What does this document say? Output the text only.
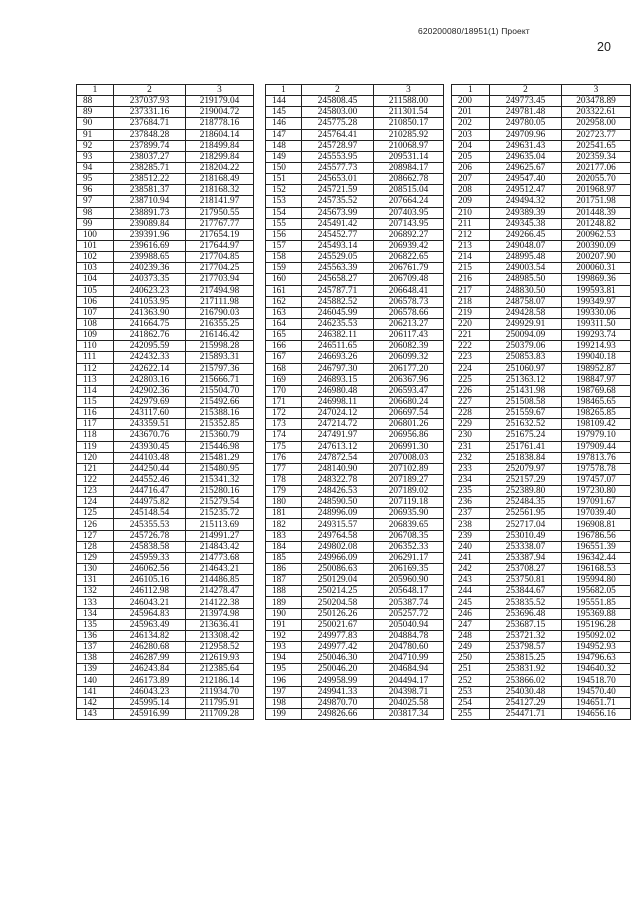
620200080/18951(1) Проект
20
1	2	3
88	237037.93	219179.04
89	237331.16	219004.72
90	237684.71	218778.16
91	237848.28	218604.14
92	237899.74	218499.84
93	238037.27	218299.84
94	238285.71	218204.22
95	238512.22	218168.49
96	238581.37	218168.32
97	238710.94	218141.97
98	238891.73	217950.55
99	239089.84	217767.77
100	239391.96	217654.19
101	239616.69	217644.97
102	239988.65	217704.85
103	240239.36	217704.25
104	240373.35	217703.94
105	240623.23	217494.98
106	241053.95	217111.98
107	241363.90	216790.03
108	241664.75	216355.25
109	241862.76	216146.42
110	242095.59	215998.28
111	242432.33	215893.31
112	242622.14	215797.36
113	242803.16	215666.71
114	242902.36	215504.70
115	242979.69	215492.66
116	243117.60	215388.16
117	243359.51	215352.85
118	243670.76	215360.79
119	243930.45	215446.98
120	244103.48	215481.29
121	244250.44	215480.95
122	244552.46	215341.32
123	244716.47	215280.16
124	244975.82	215279.54
125	245148.54	215235.72
126	245355.53	215113.69
127	245726.78	214991.27
128	245838.58	214843.42
129	245959.33	214773.68
130	246062.56	214643.21
131	246105.16	214486.85
132	246112.98	214278.47
133	246043.21	214122.38
134	245964.83	213974.98
135	245963.49	213636.41
136	246134.82	213308.42
137	246280.68	212958.52
138	246287.99	212619.93
139	246243.84	212385.64
140	246173.89	212186.14
141	246043.23	211934.70
142	245995.14	211795.91
143	245916.99	211709.28
1	2	3
144	245808.45	211588.00
145	245803.00	211301.54
146	245775.28	210850.17
147	245764.41	210285.92
148	245728.97	210068.97
149	245553.95	209531.14
150	245577.73	208984.17
151	245653.01	208662.78
152	245721.59	208515.04
153	245735.52	207664.24
154	245673.99	207403.95
155	245491.42	207143.95
156	245452.77	206892.27
157	245493.14	206939.42
158	245529.05	206822.65
159	245563.39	206761.79
160	245658.27	206709.48
161	245787.71	206648.41
162	245882.52	206578.73
163	246045.99	206578.66
164	246235.53	206213.27
165	246382.11	206117.43
166	246511.65	206082.39
167	246693.26	206099.32
168	246797.30	206177.20
169	246893.15	206367.96
170	246980.48	206593.47
171	246998.11	206680.24
172	247024.12	206697.54
173	247214.72	206801.26
174	247491.97	206956.86
175	247613.12	206991.30
176	247872.54	207008.03
177	248140.90	207102.89
178	248322.78	207189.27
179	248426.53	207189.02
180	248590.50	207119.18
181	248996.09	206935.90
182	249315.57	206839.65
183	249764.58	206708.35
184	249802.08	206352.33
185	249966.09	206291.17
186	250086.63	206169.35
187	250129.04	205960.90
188	250214.25	205648.17
189	250204.58	205387.74
190	250126.26	205257.72
191	250021.67	205040.94
192	249977.83	204884.78
193	249977.42	204780.60
194	250046.30	204710.99
195	250046.20	204684.94
196	249958.99	204494.17
197	249941.33	204398.71
198	249870.70	204025.58
199	249826.66	203817.34
1	2	3
200	249773.45	203478.89
201	249781.48	203322.61
202	249780.05	202958.00
203	249709.96	202723.77
204	249631.43	202541.65
205	249635.04	202359.34
206	249625.67	202177.06
207	249547.40	202055.70
208	249512.47	201968.97
209	249494.32	201751.98
210	249389.39	201448.39
211	249345.38	201248.82
212	249266.45	200962.53
213	249048.07	200390.09
214	248995.48	200207.90
215	249003.54	200060.31
216	248985.50	199869.36
217	248830.50	199593.81
218	248758.07	199349.97
219	249428.58	199330.06
220	249929.91	199311.50
221	250094.09	199293.74
222	250379.06	199214.93
223	250853.83	199040.18
224	251060.97	198952.87
225	251363.12	198847.97
226	251431.98	198769.68
227	251508.58	198465.65
228	251559.67	198265.85
229	251632.52	198109.42
230	251675.24	197979.10
231	251761.41	197909.44
232	251838.84	197813.76
233	252079.97	197578.78
234	252157.29	197457.07
235	252389.80	197230.80
236	252484.35	197091.67
237	252561.95	197039.40
238	252717.04	196908.81
239	253010.49	196786.56
240	253338.07	196551.39
241	253387.94	196342.44
242	253708.27	196168.53
243	253750.81	195994.80
244	253844.67	195682.05
245	253835.52	195551.85
246	253696.48	195369.88
247	253687.15	195196.28
248	253721.32	195092.02
249	253798.57	194952.93
250	253815.25	194796.63
251	253831.92	194640.32
252	253866.02	194518.70
253	254030.48	194570.40
254	254127.29	194651.71
255	254471.71	194656.16
